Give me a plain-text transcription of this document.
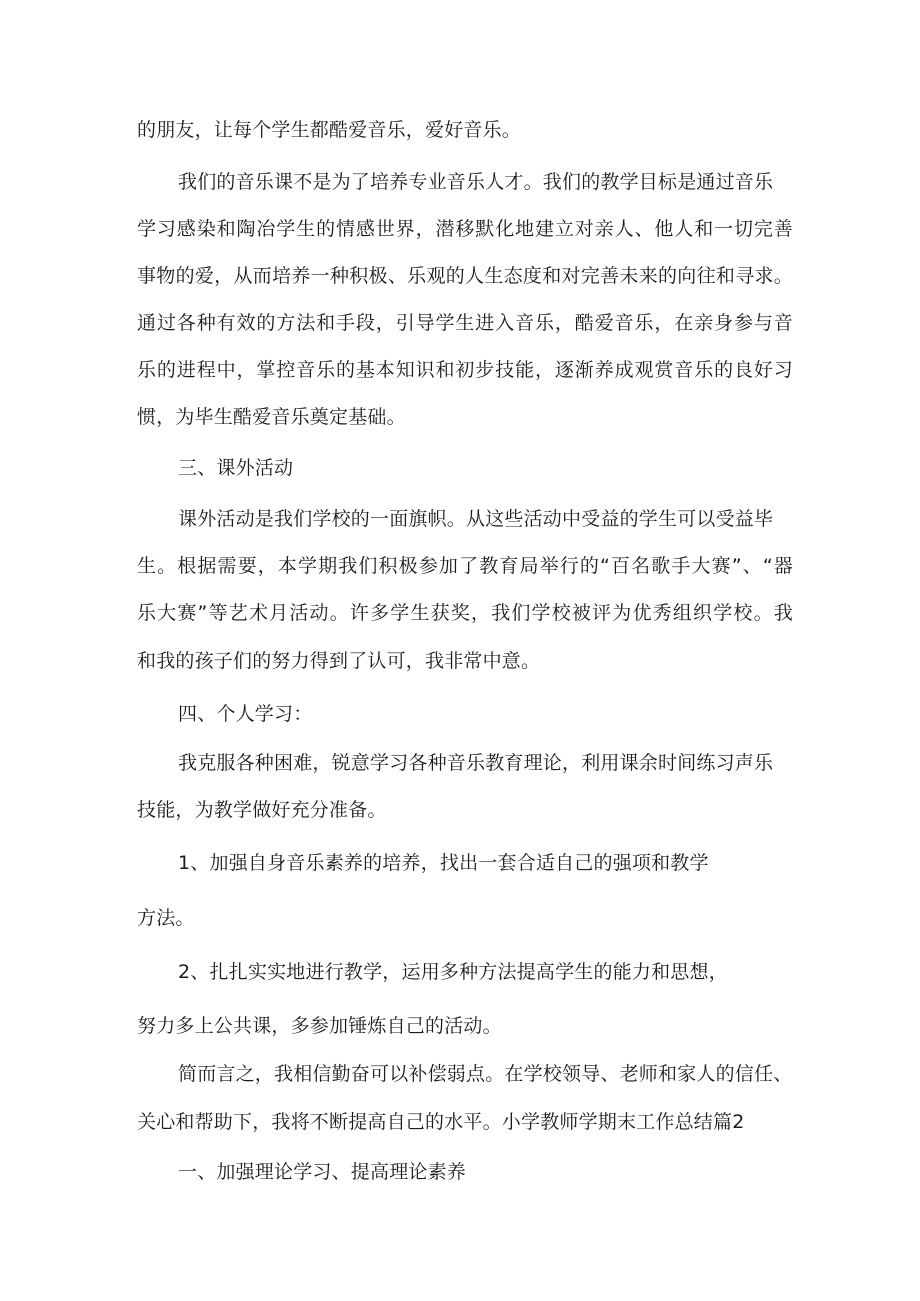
的朋友，让每个学生都酷爱音乐，爱好音乐。

我们的音乐课不是为了培养专业音乐人才。我们的教学目标是通过音乐

学习感染和陶冶学生的情感世界，潜移默化地建立对亲人、他人和一切完善

事物的爱，从而培养一种积极、乐观的人生态度和对完善未来的向往和寻求。

通过各种有效的方法和手段，引导学生进入音乐，酷爱音乐，在亲身参与音

乐的进程中，掌控音乐的基本知识和初步技能，逐渐养成观赏音乐的良好习

惯，为毕生酷爱音乐奠定基础。

三、课外活动

课外活动是我们学校的一面旗帜。从这些活动中受益的学生可以受益毕

生。根据需要，本学期我们积极参加了教育局举行的“百名歌手大赛”、“器

乐大赛”等艺术月活动。许多学生获奖，我们学校被评为优秀组织学校。我

和我的孩子们的努力得到了认可，我非常中意。

四、个人学习：

我克服各种困难，锐意学习各种音乐教育理论，利用课余时间练习声乐

技能，为教学做好充分准备。

1、加强自身音乐素养的培养，找出一套合适自己的强项和教学

方法。

2、扎扎实实地进行教学，运用多种方法提高学生的能力和思想，

努力多上公共课，多参加锤炼自己的活动。

简而言之，我相信勤奋可以补偿弱点。在学校领导、老师和家人的信任、

关心和帮助下，我将不断提高自己的水平。小学教师学期末工作总结篇2

一、加强理论学习、提高理论素养
